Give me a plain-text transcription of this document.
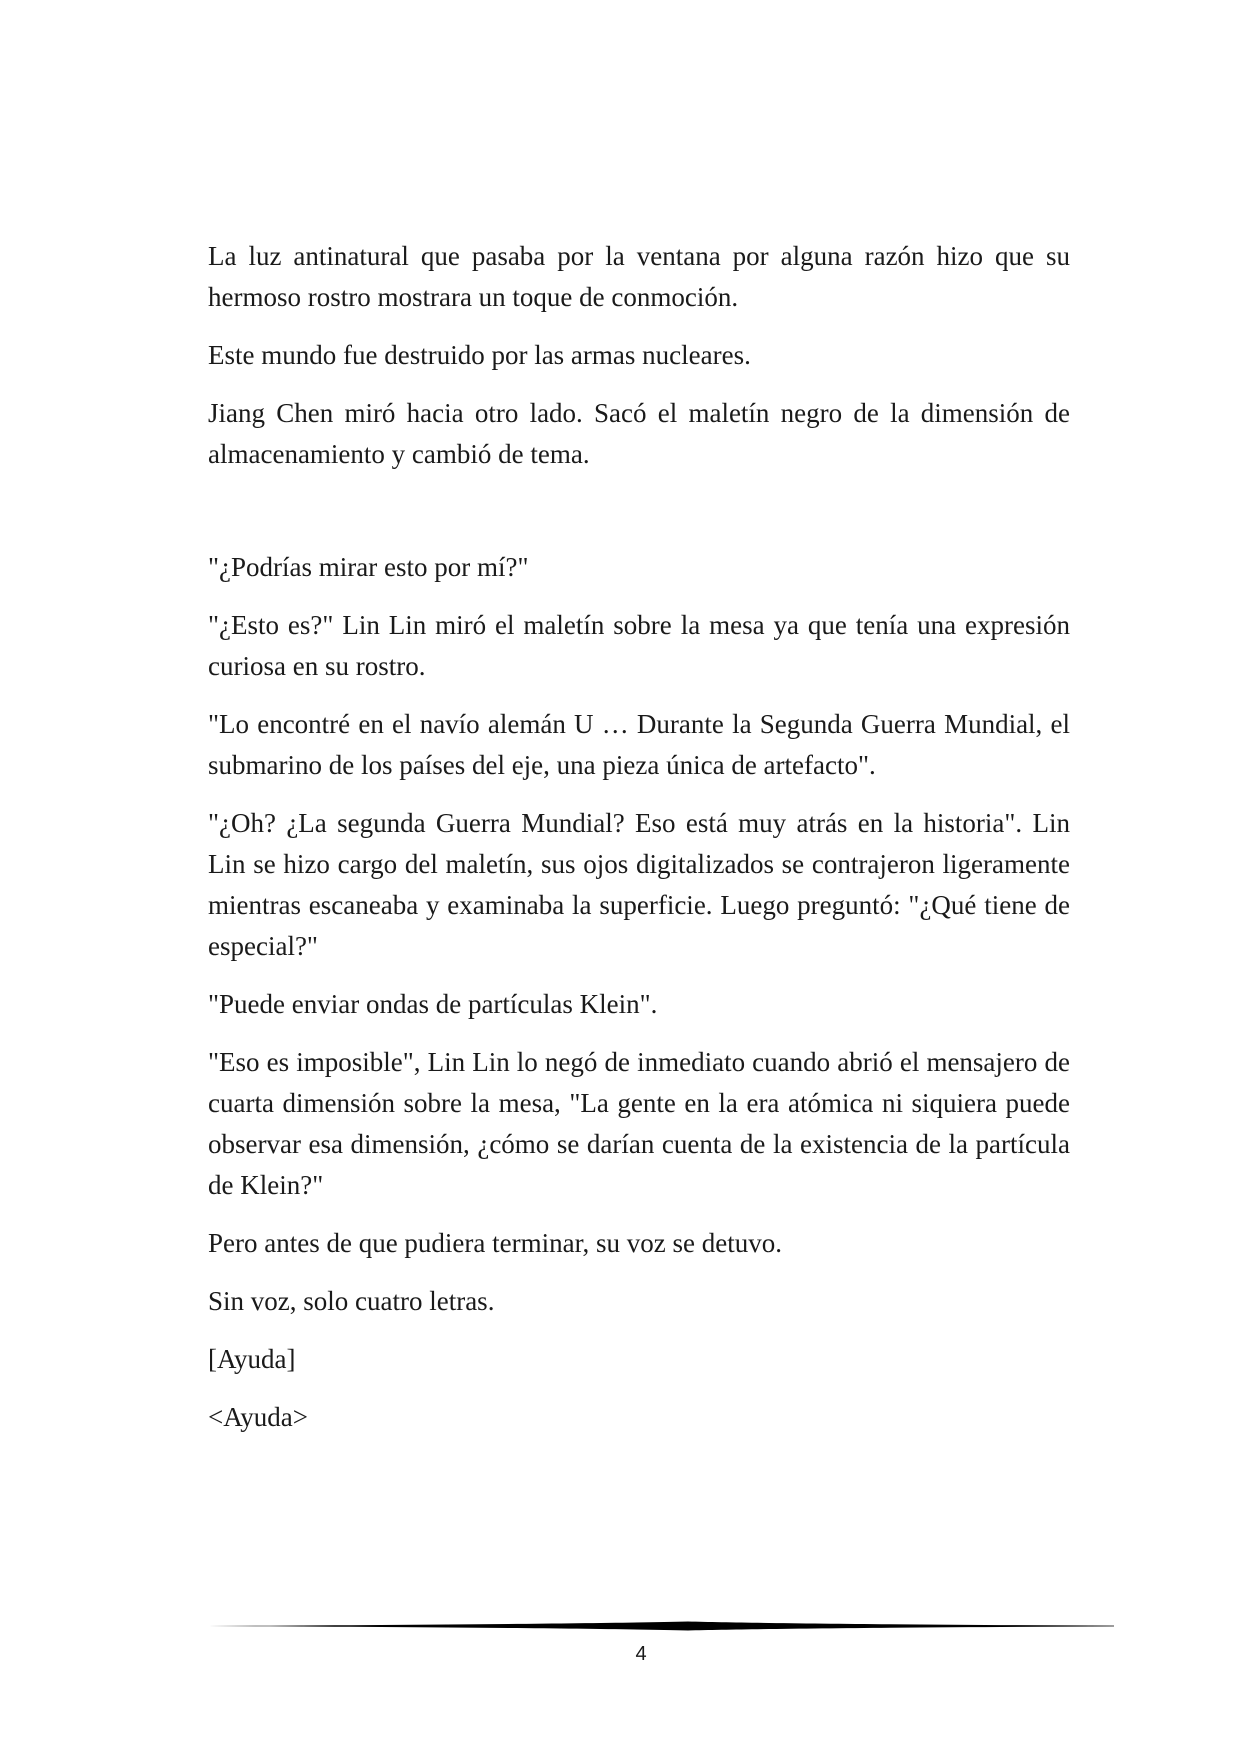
La luz antinatural que pasaba por la ventana por alguna razón hizo que su hermoso rostro mostrara un toque de conmoción.

Este mundo fue destruido por las armas nucleares.

Jiang Chen miró hacia otro lado. Sacó el maletín negro de la dimensión de almacenamiento y cambió de tema.

"¿Podrías mirar esto por mí?"

"¿Esto es?" Lin Lin miró el maletín sobre la mesa ya que tenía una expresión curiosa en su rostro.

"Lo encontré en el navío alemán U … Durante la Segunda Guerra Mundial, el submarino de los países del eje, una pieza única de artefacto".

"¿Oh? ¿La segunda Guerra Mundial? Eso está muy atrás en la historia". Lin Lin se hizo cargo del maletín, sus ojos digitalizados se contrajeron ligeramente mientras escaneaba y examinaba la superficie. Luego preguntó: "¿Qué tiene de especial?"

"Puede enviar ondas de partículas Klein".

"Eso es imposible", Lin Lin lo negó de inmediato cuando abrió el mensajero de cuarta dimensión sobre la mesa, "La gente en la era atómica ni siquiera puede observar esa dimensión, ¿cómo se darían cuenta de la existencia de la partícula de Klein?"

Pero antes de que pudiera terminar, su voz se detuvo.

Sin voz, solo cuatro letras.

[Ayuda]

<Ayuda>

4
